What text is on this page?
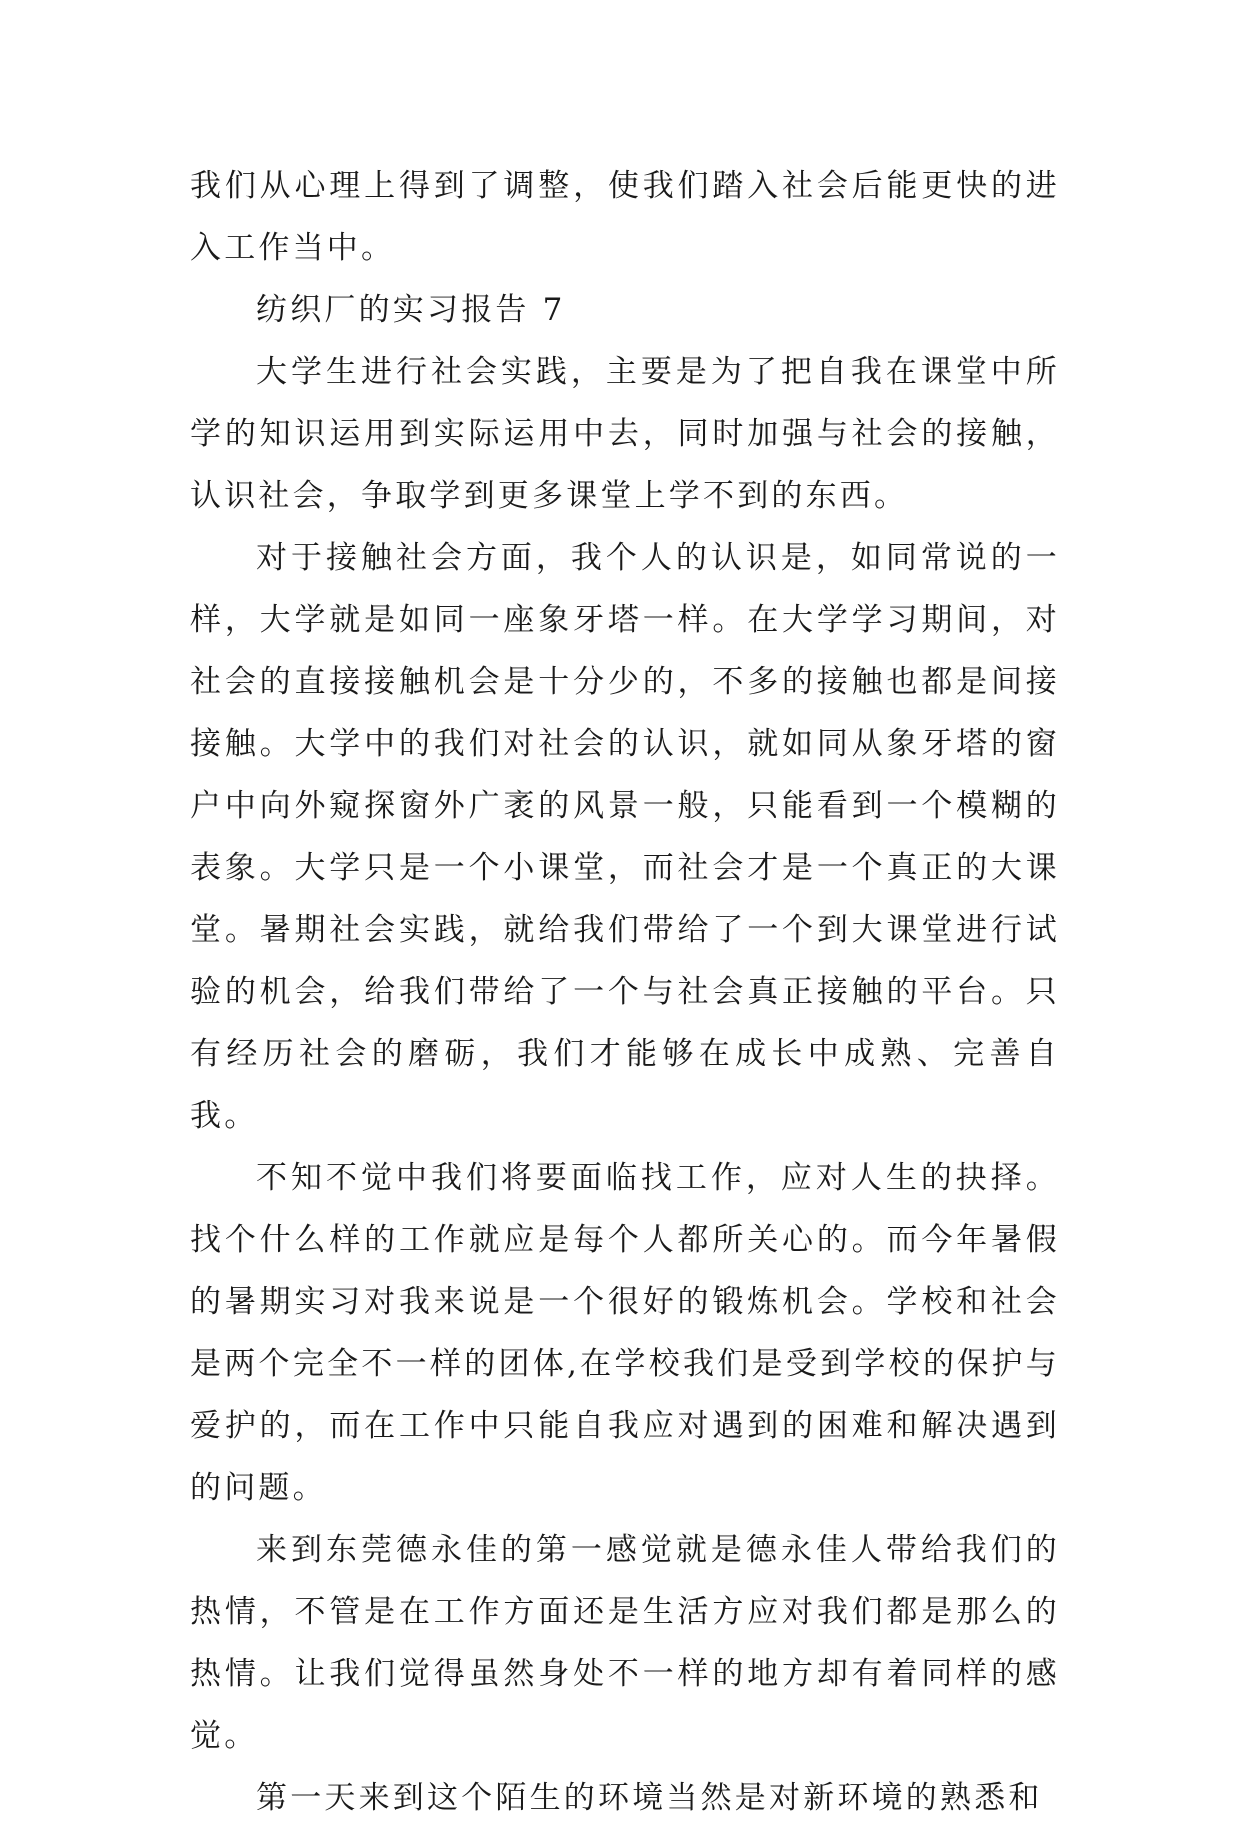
我们从心理上得到了调整，使我们踏入社会后能更快的进入工作当中。

纺织厂的实习报告 7

大学生进行社会实践，主要是为了把自我在课堂中所学的知识运用到实际运用中去，同时加强与社会的接触，认识社会，争取学到更多课堂上学不到的东西。

对于接触社会方面，我个人的认识是，如同常说的一样，大学就是如同一座象牙塔一样。在大学学习期间，对社会的直接接触机会是十分少的，不多的接触也都是间接接触。大学中的我们对社会的认识，就如同从象牙塔的窗户中向外窥探窗外广袤的风景一般，只能看到一个模糊的表象。大学只是一个小课堂，而社会才是一个真正的大课堂。暑期社会实践，就给我们带给了一个到大课堂进行试验的机会，给我们带给了一个与社会真正接触的平台。只有经历社会的磨砺，我们才能够在成长中成熟、完善自我。

不知不觉中我们将要面临找工作，应对人生的抉择。找个什么样的工作就应是每个人都所关心的。而今年暑假的暑期实习对我来说是一个很好的锻炼机会。学校和社会是两个完全不一样的团体,在学校我们是受到学校的保护与爱护的，而在工作中只能自我应对遇到的困难和解决遇到的问题。

来到东莞德永佳的第一感觉就是德永佳人带给我们的热情，不管是在工作方面还是生活方应对我们都是那么的热情。让我们觉得虽然身处不一样的地方却有着同样的感觉。

第一天来到这个陌生的环境当然是对新环境的熟悉和
